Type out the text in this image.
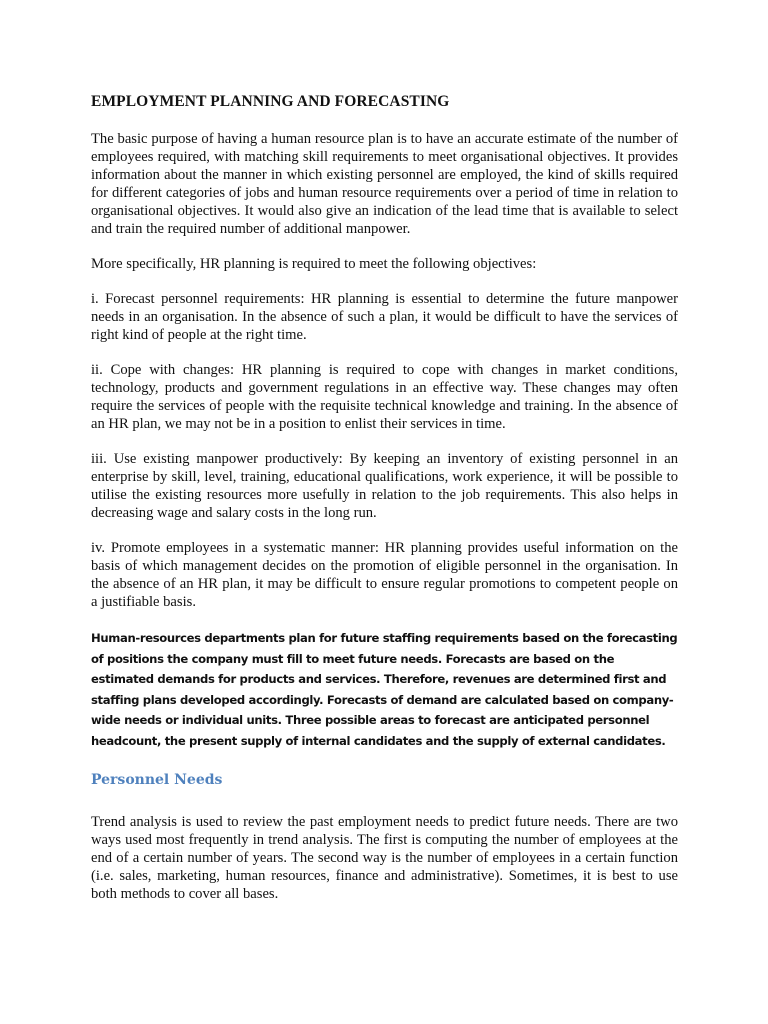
EMPLOYMENT PLANNING AND FORECASTING

The basic purpose of having a human resource plan is to have an accurate estimate of the number of employees required, with matching skill requirements to meet organisational objectives. It provides information about the manner in which existing personnel are employed, the kind of skills required for different categories of jobs and human resource requirements over a period of time in relation to organisational objectives. It would also give an indication of the lead time that is available to select and train the required number of additional manpower.

More specifically, HR planning is required to meet the following objectives:

i. Forecast personnel requirements: HR planning is essential to determine the future manpower needs in an organisation. In the absence of such a plan, it would be difficult to have the services of right kind of people at the right time.

ii. Cope with changes: HR planning is required to cope with changes in market conditions, technology, products and government regulations in an effective way. These changes may often require the services of people with the requisite technical knowledge and training. In the absence of an HR plan, we may not be in a position to enlist their services in time.

iii. Use existing manpower productively: By keeping an inventory of existing personnel in an enterprise by skill, level, training, educational qualifications, work experience, it will be possible to utilise the existing resources more usefully in relation to the job requirements. This also helps in decreasing wage and salary costs in the long run.

iv. Promote employees in a systematic manner: HR planning provides useful information on the basis of which management decides on the promotion of eligible personnel in the organisation. In the absence of an HR plan, it may be difficult to ensure regular promotions to competent people on a justifiable basis.

Human-resources departments plan for future staffing requirements based on the forecasting of positions the company must fill to meet future needs. Forecasts are based on the estimated demands for products and services. Therefore, revenues are determined first and staffing plans developed accordingly. Forecasts of demand are calculated based on company-wide needs or individual units. Three possible areas to forecast are anticipated personnel headcount, the present supply of internal candidates and the supply of external candidates.

Personnel Needs

Trend analysis is used to review the past employment needs to predict future needs. There are two ways used most frequently in trend analysis. The first is computing the number of employees at the end of a certain number of years. The second way is the number of employees in a certain function (i.e. sales, marketing, human resources, finance and administrative). Sometimes, it is best to use both methods to cover all bases.
